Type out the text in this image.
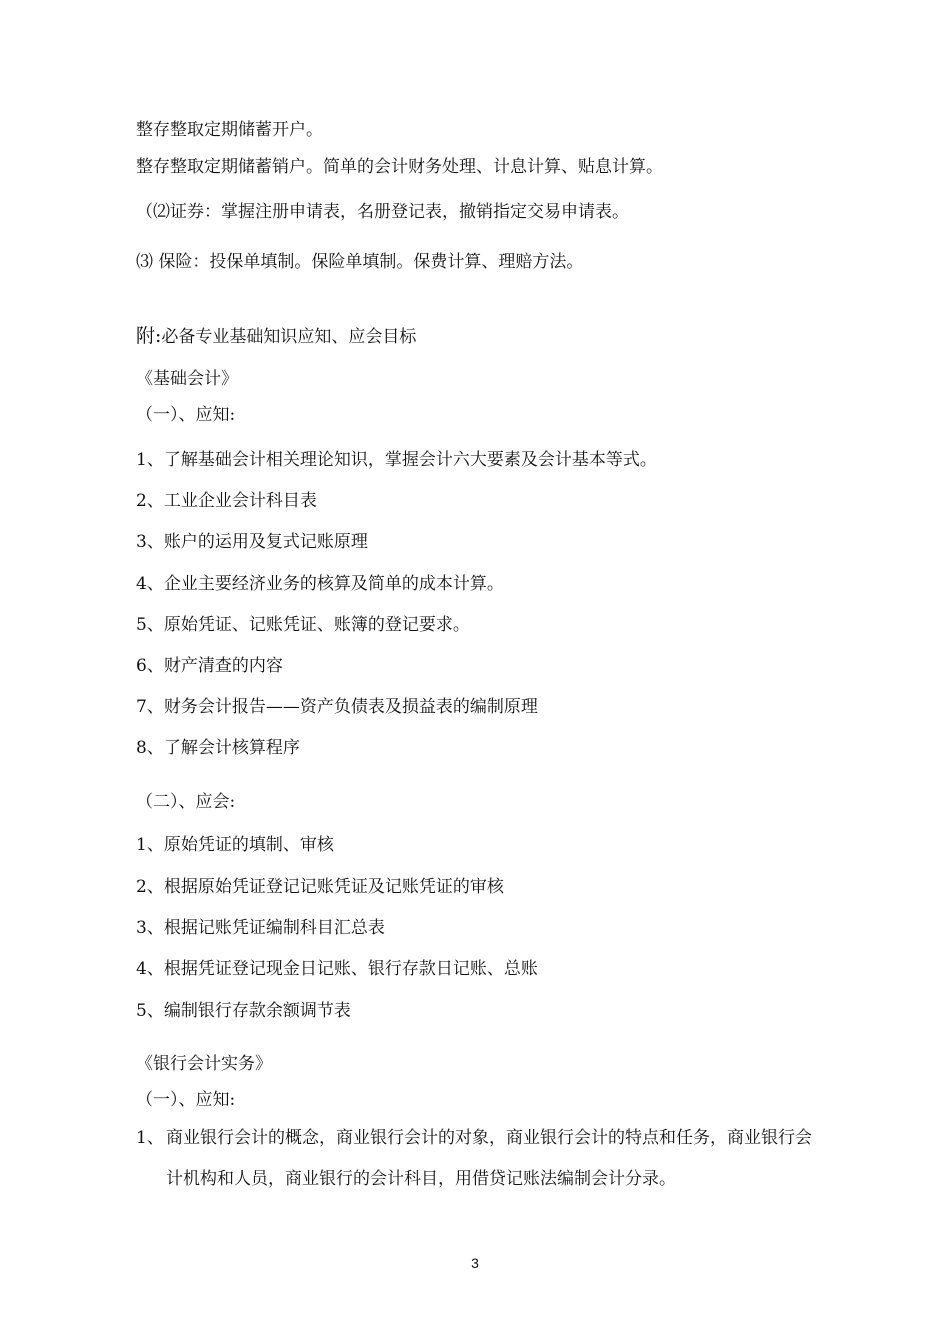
整存整取定期储蓄开户。
整存整取定期储蓄销户。简单的会计财务处理、计息计算、贴息计算。
（⑵证券：掌握注册申请表，名册登记表，撤销指定交易申请表。
⑶ 保险：投保单填制。保险单填制。保费计算、理赔方法。
附:必备专业基础知识应知、应会目标
《基础会计》
（一）、应知:
1、了解基础会计相关理论知识，掌握会计六大要素及会计基本等式。
2、工业企业会计科目表
3、账户的运用及复式记账原理
4、企业主要经济业务的核算及简单的成本计算。
5、原始凭证、记账凭证、账簿的登记要求。
6、财产清查的内容
7、财务会计报告——资产负债表及损益表的编制原理
8、了解会计核算程序
（二）、应会:
1、原始凭证的填制、审核
2、根据原始凭证登记记账凭证及记账凭证的审核
3、根据记账凭证编制科目汇总表
4、根据凭证登记现金日记账、银行存款日记账、总账
5、编制银行存款余额调节表
《银行会计实务》
（一）、应知:
1、 商业银行会计的概念，商业银行会计的对象，商业银行会计的特点和任务，商业银行会计机构和人员，商业银行的会计科目，用借贷记账法编制会计分录。
3
